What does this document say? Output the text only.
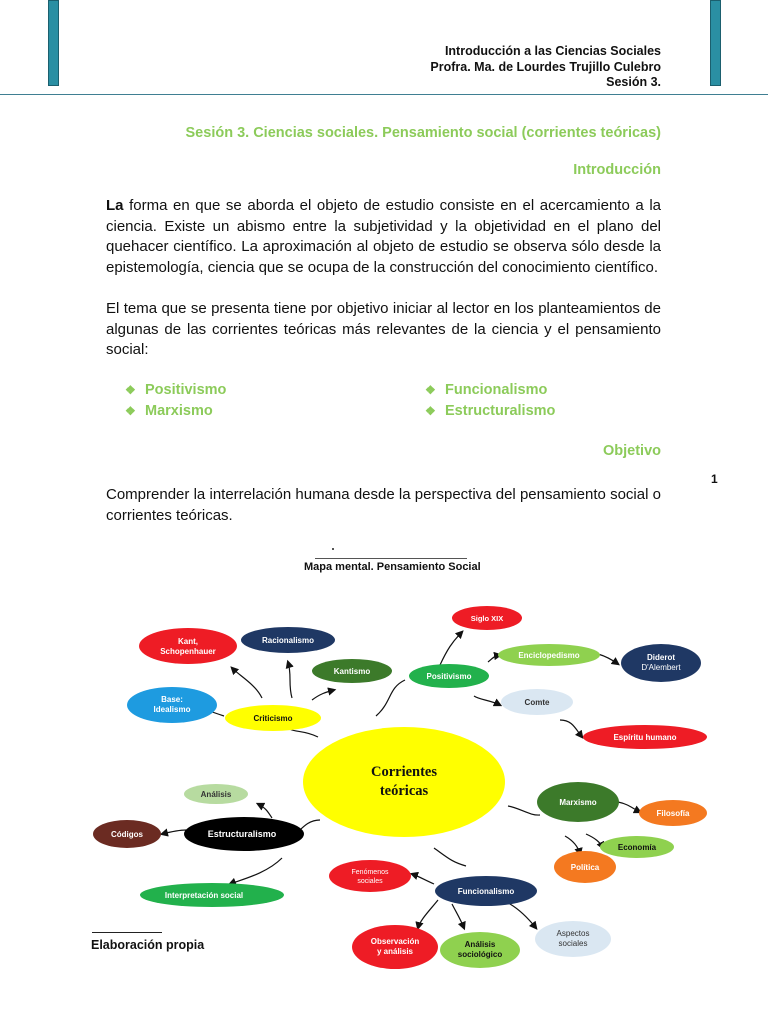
Introducción a las Ciencias Sociales
Profra. Ma. de Lourdes Trujillo Culebro
Sesión 3.
Sesión 3. Ciencias sociales. Pensamiento social (corrientes teóricas)
Introducción
La forma en que se aborda el objeto de estudio consiste en el acercamiento a la ciencia. Existe un abismo entre la subjetividad y la objetividad en el plano del quehacer científico. La aproximación al objeto de estudio se observa sólo desde la epistemología, ciencia que se ocupa de la construcción del conocimiento científico.
El tema que se presenta tiene por objetivo iniciar al lector en los planteamientos de algunas de las corrientes teóricas más relevantes de la ciencia y el pensamiento social:
❖ Positivismo	❖ Funcionalismo
❖ Marxismo	❖ Estructuralismo
Objetivo
1
Comprender la interrelación humana desde la perspectiva del pensamiento social o corrientes teóricas.
Mapa mental. Pensamiento Social
Corrientes
teóricas
Siglo XIX
Racionalismo
Kant,
Schopenhauer
Kantismo
Positivismo
Enciclopedismo	Diderot
D'Alembert
Base:
Idealismo
Criticismo
Comte
Espíritu humano
Análisis
Códigos	Estructuralismo
Marxismo
Filosofía
Economía
Política
Interpretación social
Fenómenos
sociales
Funcionalismo
Aspectos
sociales
Observación
y análisis
Análisis
sociológico
Elaboración propia
